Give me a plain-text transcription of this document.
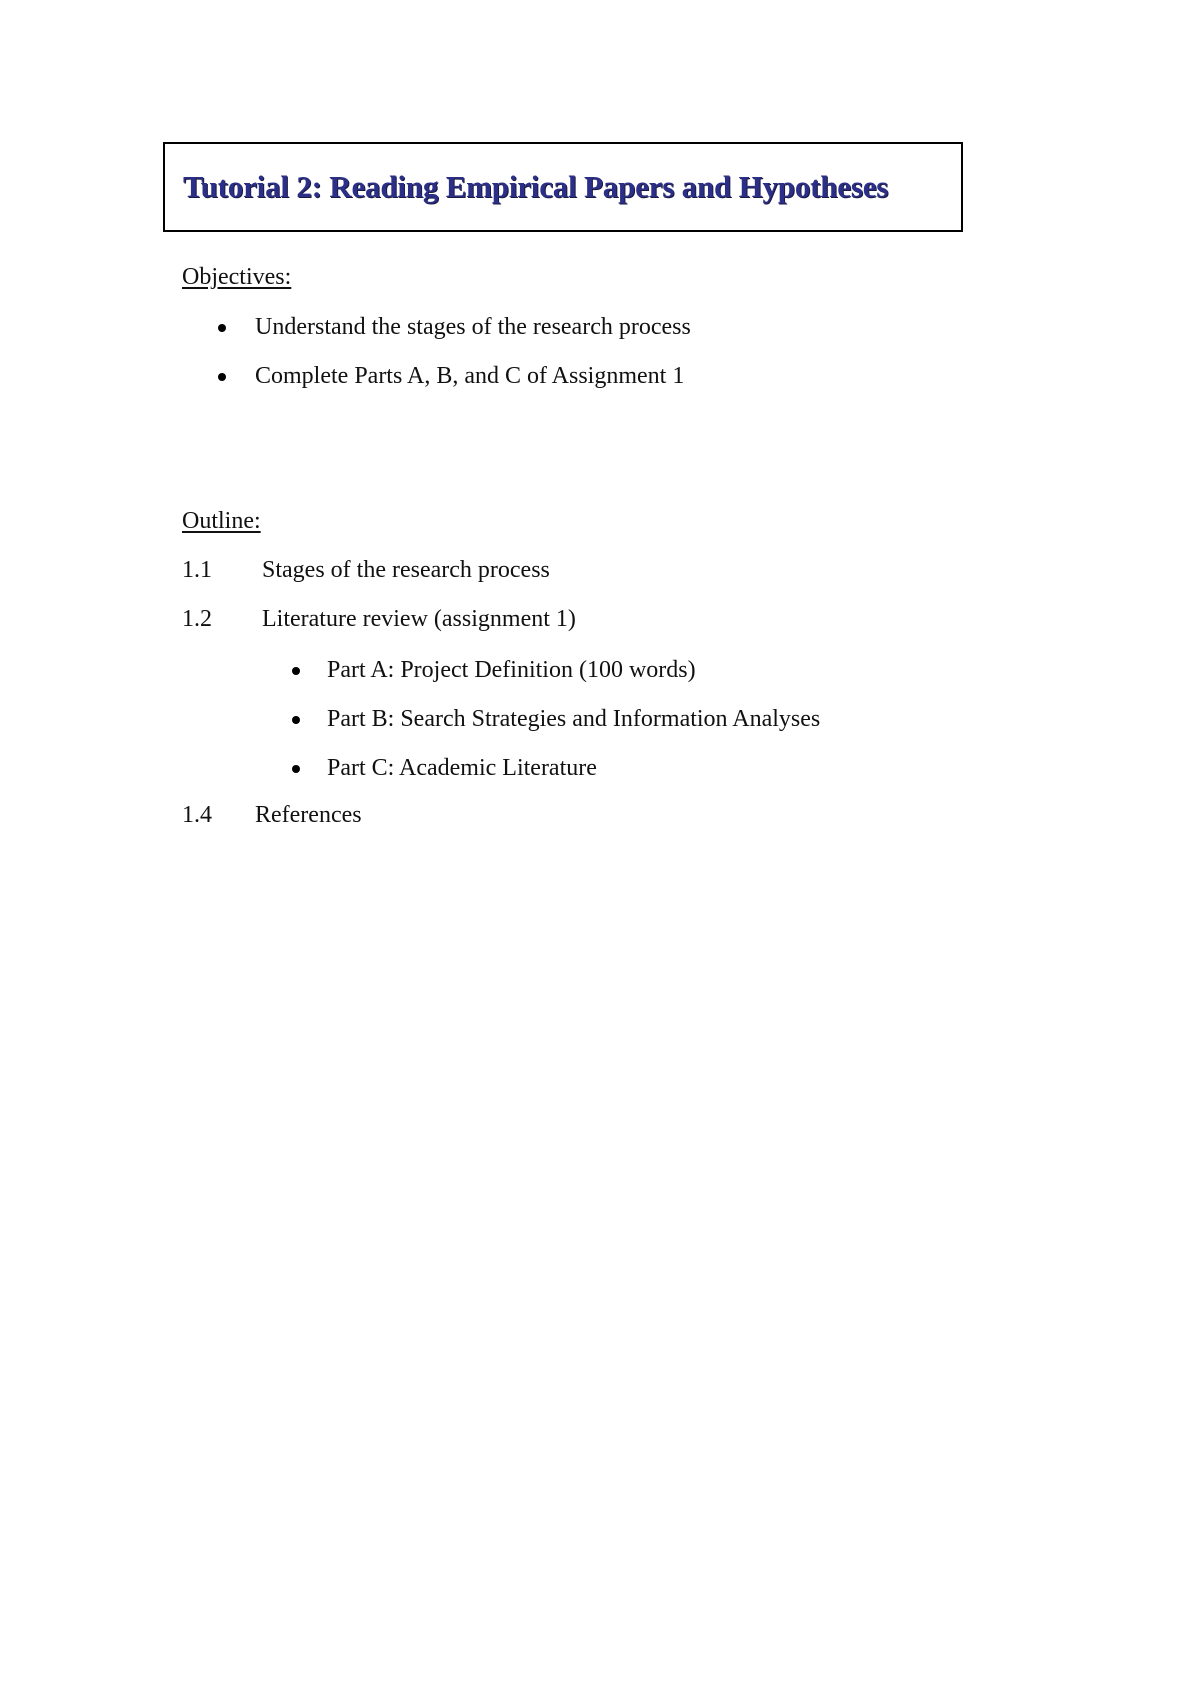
Tutorial 2: Reading Empirical Papers and Hypotheses
Objectives:
Understand the stages of the research process
Complete Parts A, B, and C of Assignment 1
Outline:
1.1 Stages of the research process
1.2 Literature review (assignment 1)
Part A: Project Definition (100 words)
Part B: Search Strategies and Information Analyses
Part C: Academic Literature
1.4 References
